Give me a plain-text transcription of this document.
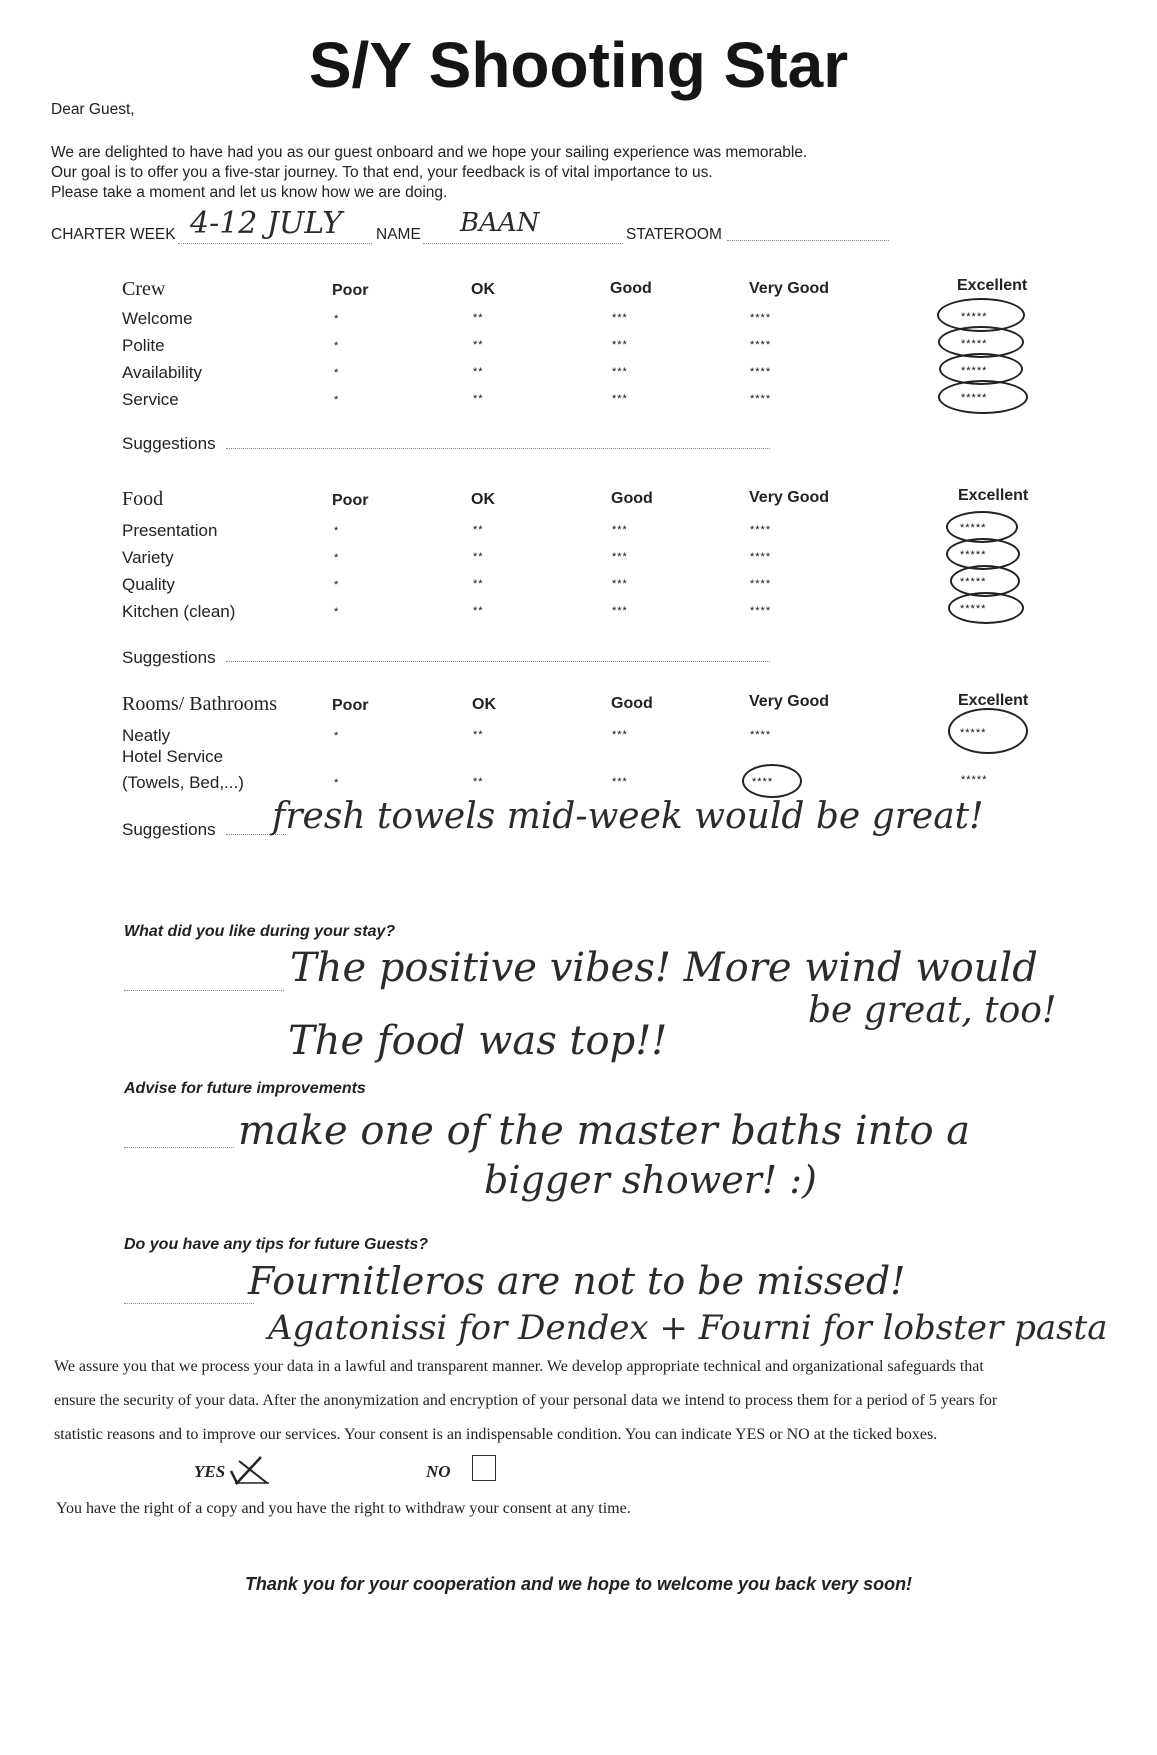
S/Y Shooting Star
Dear Guest,
We are delighted to have had you as our guest onboard and we hope your sailing experience was memorable.
Our goal is to offer you a five-star journey. To that end, your feedback is of vital importance to us.
Please take a moment and let us know how we are doing.
CHARTER WEEK 4-12 JULY NAME BAAN	STATEROOM
Crew	Poor	OK	Good	Very Good	Excellent
Welcome	*	**	***	****	*****
Polite	*	**	***	****	*****
Availability	*	**	***	****	*****
Service	*	**	***	****	*****
Suggestions
Food	Poor	OK	Good	Very Good	Excellent
Presentation	*	**	***	****	*****
Variety	*	**	***	****	*****
Quality	*	**	***	****	*****
Kitchen (clean)	*	**	***	****	*****
Suggestions
Rooms/ Bathrooms	Poor	OK	Good	Very Good	Excellent
Neatly	*	**	***	****	*****
Hotel Service
(Towels, Bed,...)	*	**	***	****	*****
Suggestions fresh towels mid-week would be great!
What did you like during your stay?
The positive vibes! More wind would
be great, too!
The food was top!!
Advise for future improvements
make one of the master baths into a
bigger shower! :)
Do you have any tips for future Guests?
Fournitleros are not to be missed!
Agatonissi for Dendex + Fourni for lobster pasta
We assure you that we process your data in a lawful and transparent manner. We develop appropriate technical and organizational safeguards that
ensure the security of your data. After the anonymization and encryption of your personal data we intend to process them for a period of 5 years for
statistic reasons and to improve our services. Your consent is an indispensable condition. You can indicate YES or NO at the ticked boxes.
YES	NO
You have the right of a copy and you have the right to withdraw your consent at any time.
Thank you for your cooperation and we hope to welcome you back very soon!
